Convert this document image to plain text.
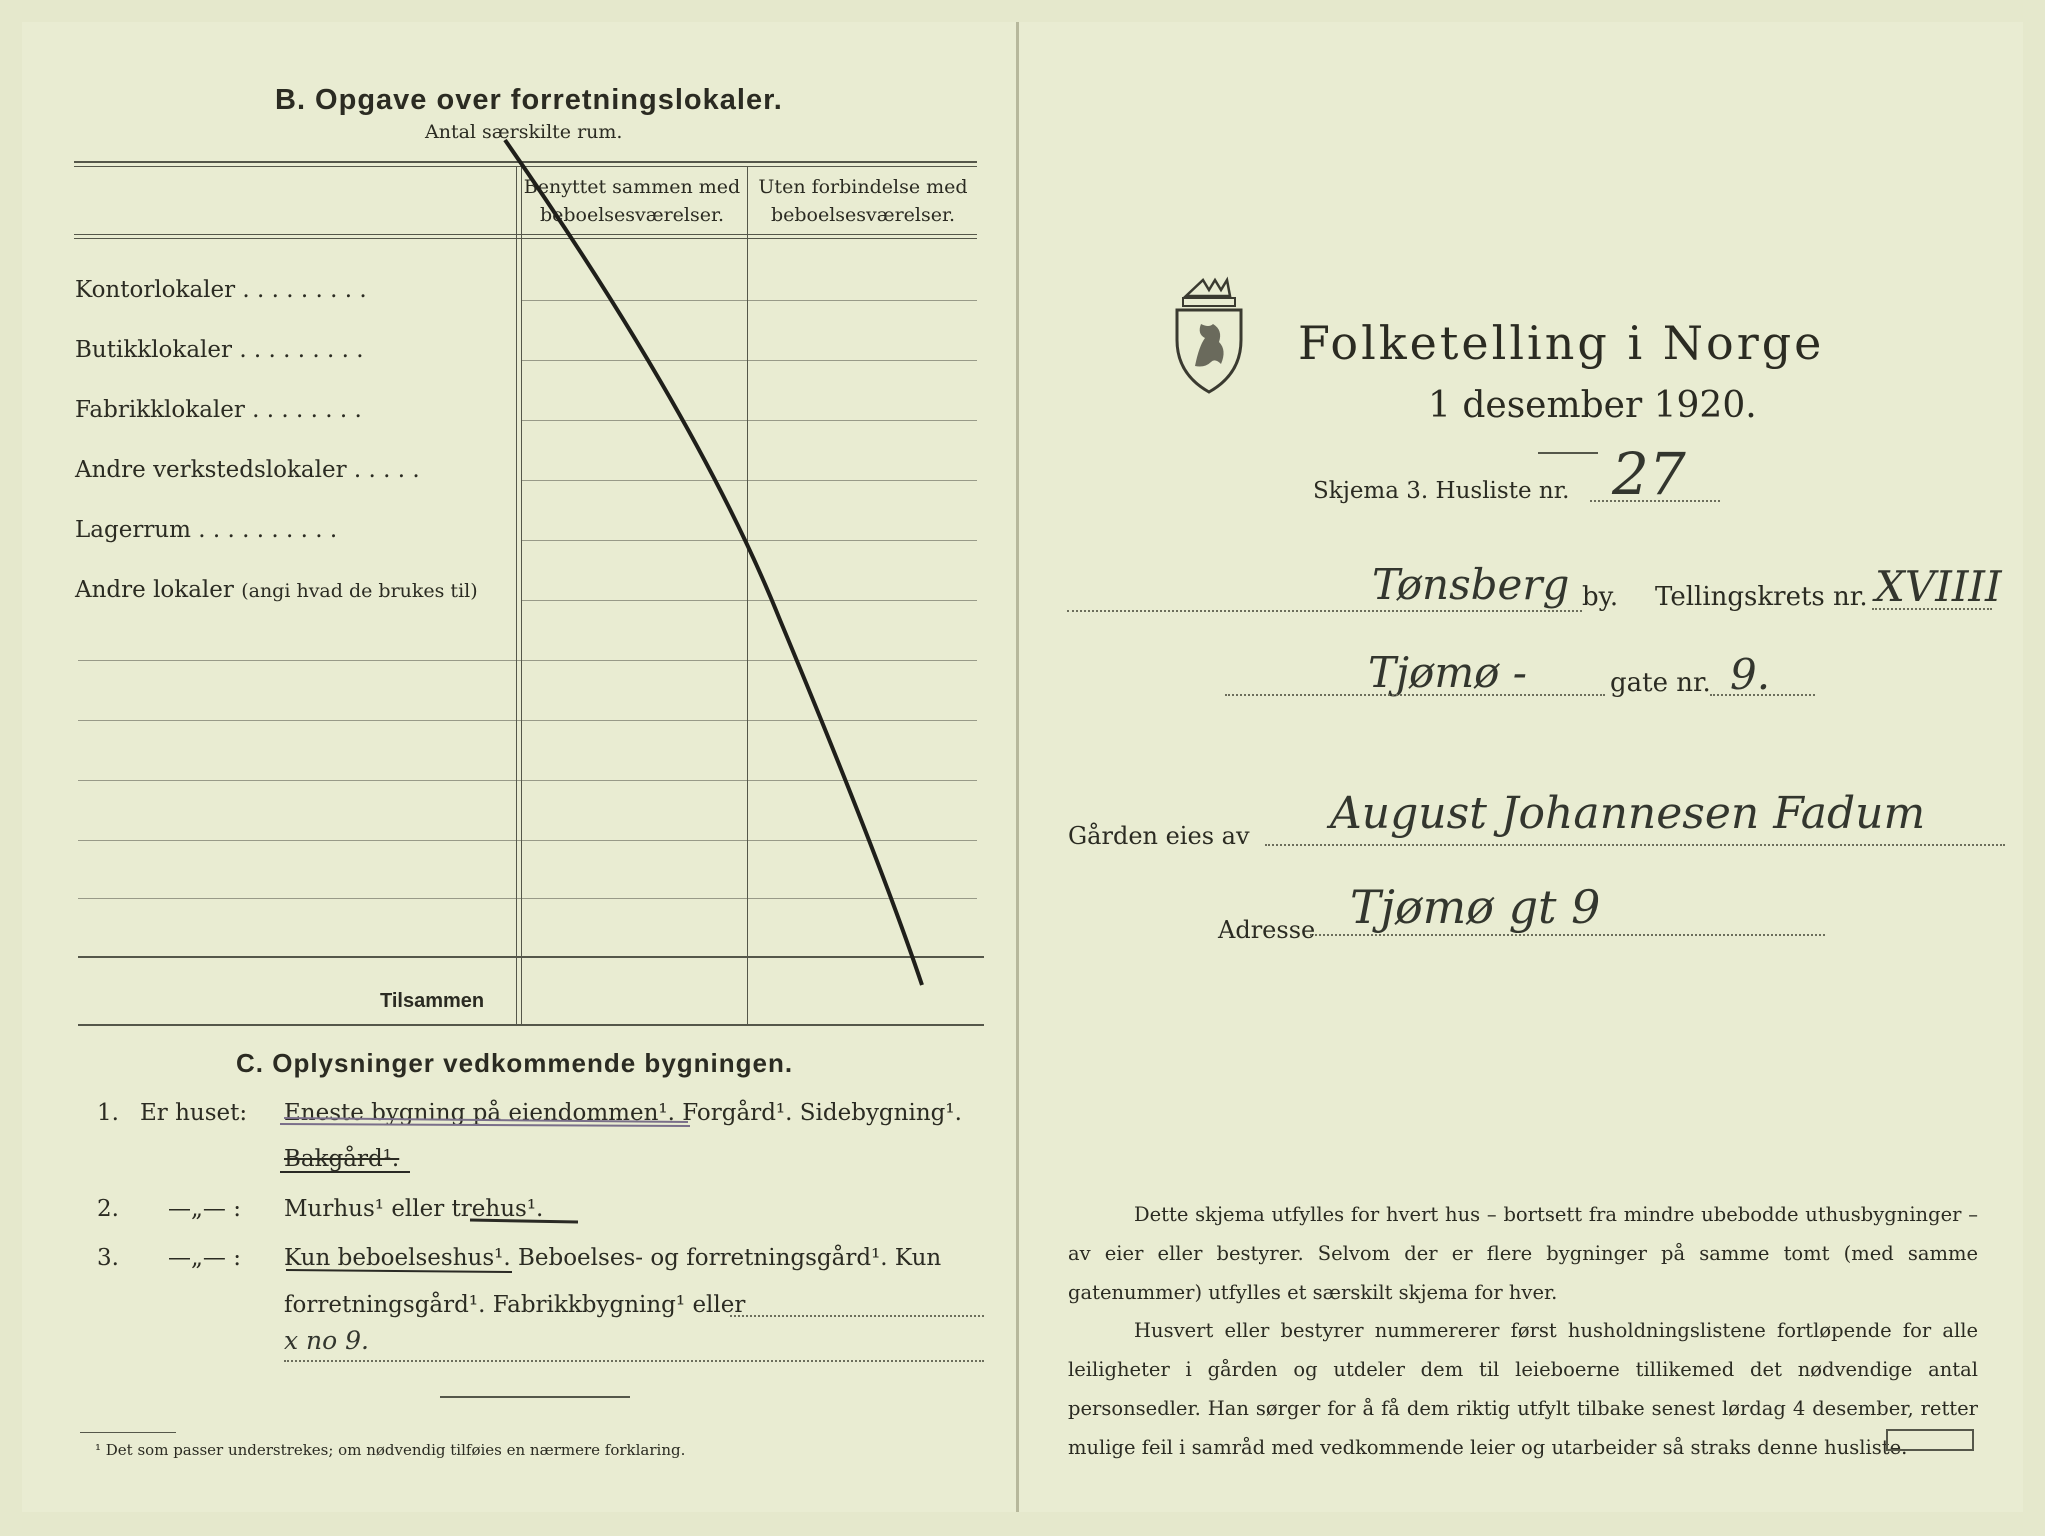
B. Opgave over forretningslokaler.
Antal særskilte rum.
Benyttet sammen med
beboelsesværelser.
Uten forbindelse med
beboelsesværelser.
Kontorlokaler . . . . . . . . .
Butikklokaler . . . . . . . . .
Fabrikklokaler . . . . . . . .
Andre verkstedslokaler . . . . .
Lagerrum . . . . . . . . . .
Andre lokaler (angi hvad de brukes til)
Tilsammen
C. Oplysninger vedkommende bygningen.
1. Er huset: Eneste bygning på eiendommen¹. Forgård¹. Sidebygning¹.
Bakgård¹.
2. —„— : Murhus¹ eller trehus¹.
3. —„— : Kun beboelseshus¹. Beboelses- og forretningsgård¹. Kun
forretningsgård¹. Fabrikkbygning¹ eller
x no 9.
¹ Det som passer understrekes; om nødvendig tilføies en nærmere forklaring.
Folketelling i Norge
1 desember 1920.
Skjema 3. Husliste nr. 27
Tønsberg by. Tellingskrets nr. XVIIII
Tjømø -	gate nr. 9.
Gården eies av August Johannesen Fadum
Adresse Tjømø gt 9
Dette skjema utfylles for hvert hus – bortsett fra mindre ubebodde uthusbygninger – av eier eller bestyrer. Selvom der er flere bygninger på samme tomt (med samme gatenummer) utfylles et særskilt skjema for hver.
Husvert eller bestyrer nummererer først husholdningslistene fortløpende for alle leiligheter i gården og utdeler dem til leieboerne tillikemed det nødvendige antal personsedler. Han sørger for å få dem riktig utfylt tilbake senest lørdag 4 desember, retter mulige feil i samråd med vedkommende leier og utarbeider så straks denne husliste.
